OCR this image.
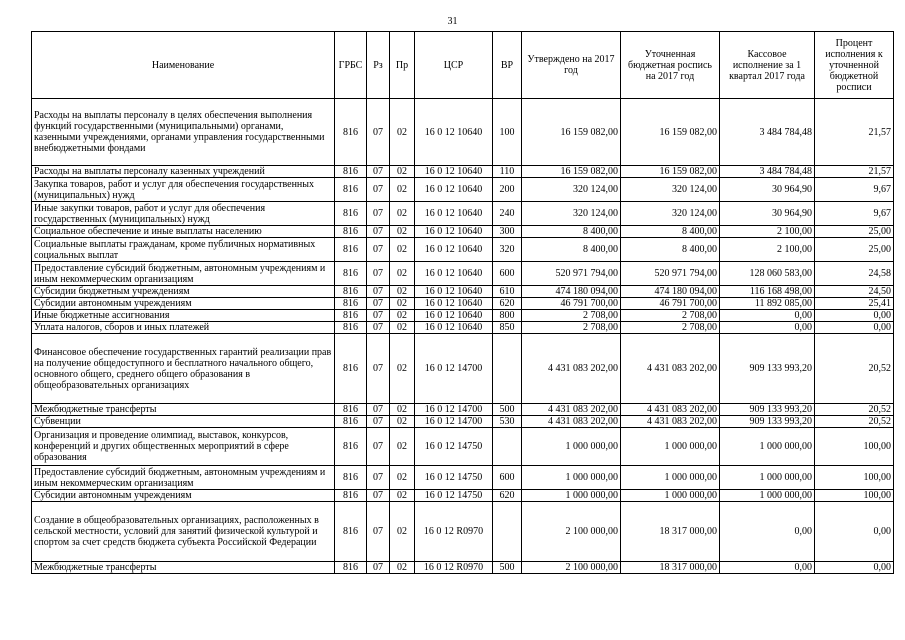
31
Наименование	ГРБС	Рз	Пр	ЦСР	ВР	Утверждено на 2017 год	Уточненная бюджетная роспись на 2017 год	Кассовое исполнение за 1 квартал 2017 года	Процент исполнения к уточненной бюджетной росписи
Расходы на выплаты персоналу в целях обеспечения выполнения функций государственными (муниципальными) органами, казенными учреждениями, органами управления государственными внебюджетными фондами	816	07	02	16 0 12 10640	100	16 159 082,00	16 159 082,00	3 484 784,48	21,57
Расходы на выплаты персоналу казенных учреждений	816	07	02	16 0 12 10640	110	16 159 082,00	16 159 082,00	3 484 784,48	21,57
Закупка товаров, работ и услуг для обеспечения государственных (муниципальных) нужд	816	07	02	16 0 12 10640	200	320 124,00	320 124,00	30 964,90	9,67
Иные закупки товаров, работ и услуг для обеспечения государственных (муниципальных) нужд	816	07	02	16 0 12 10640	240	320 124,00	320 124,00	30 964,90	9,67
Социальное обеспечение и иные выплаты населению	816	07	02	16 0 12 10640	300	8 400,00	8 400,00	2 100,00	25,00
Социальные выплаты гражданам, кроме публичных нормативных социальных выплат	816	07	02	16 0 12 10640	320	8 400,00	8 400,00	2 100,00	25,00
Предоставление субсидий бюджетным, автономным учреждениям и иным некоммерческим организациям	816	07	02	16 0 12 10640	600	520 971 794,00	520 971 794,00	128 060 583,00	24,58
Субсидии бюджетным учреждениям	816	07	02	16 0 12 10640	610	474 180 094,00	474 180 094,00	116 168 498,00	24,50
Субсидии автономным учреждениям	816	07	02	16 0 12 10640	620	46 791 700,00	46 791 700,00	11 892 085,00	25,41
Иные бюджетные ассигнования	816	07	02	16 0 12 10640	800	2 708,00	2 708,00	0,00	0,00
Уплата налогов, сборов и иных платежей	816	07	02	16 0 12 10640	850	2 708,00	2 708,00	0,00	0,00
Финансовое обеспечение государственных гарантий реализации прав на получение общедоступного и бесплатного начального общего, основного общего, среднего общего образования в общеобразовательных организациях	816	07	02	16 0 12 14700		4 431 083 202,00	4 431 083 202,00	909 133 993,20	20,52
Межбюджетные трансферты	816	07	02	16 0 12 14700	500	4 431 083 202,00	4 431 083 202,00	909 133 993,20	20,52
Субвенции	816	07	02	16 0 12 14700	530	4 431 083 202,00	4 431 083 202,00	909 133 993,20	20,52
Организация и проведение олимпиад, выставок, конкурсов, конференций и других общественных мероприятий в сфере образования	816	07	02	16 0 12 14750		1 000 000,00	1 000 000,00	1 000 000,00	100,00
Предоставление субсидий бюджетным, автономным учреждениям и иным некоммерческим организациям	816	07	02	16 0 12 14750	600	1 000 000,00	1 000 000,00	1 000 000,00	100,00
Субсидии автономным учреждениям	816	07	02	16 0 12 14750	620	1 000 000,00	1 000 000,00	1 000 000,00	100,00
Создание в общеобразовательных организациях, расположенных в сельской местности, условий для занятий физической культурой и спортом за счет средств бюджета субъекта Российской Федерации	816	07	02	16 0 12 R0970		2 100 000,00	18 317 000,00	0,00	0,00
Межбюджетные трансферты	816	07	02	16 0 12 R0970	500	2 100 000,00	18 317 000,00	0,00	0,00
